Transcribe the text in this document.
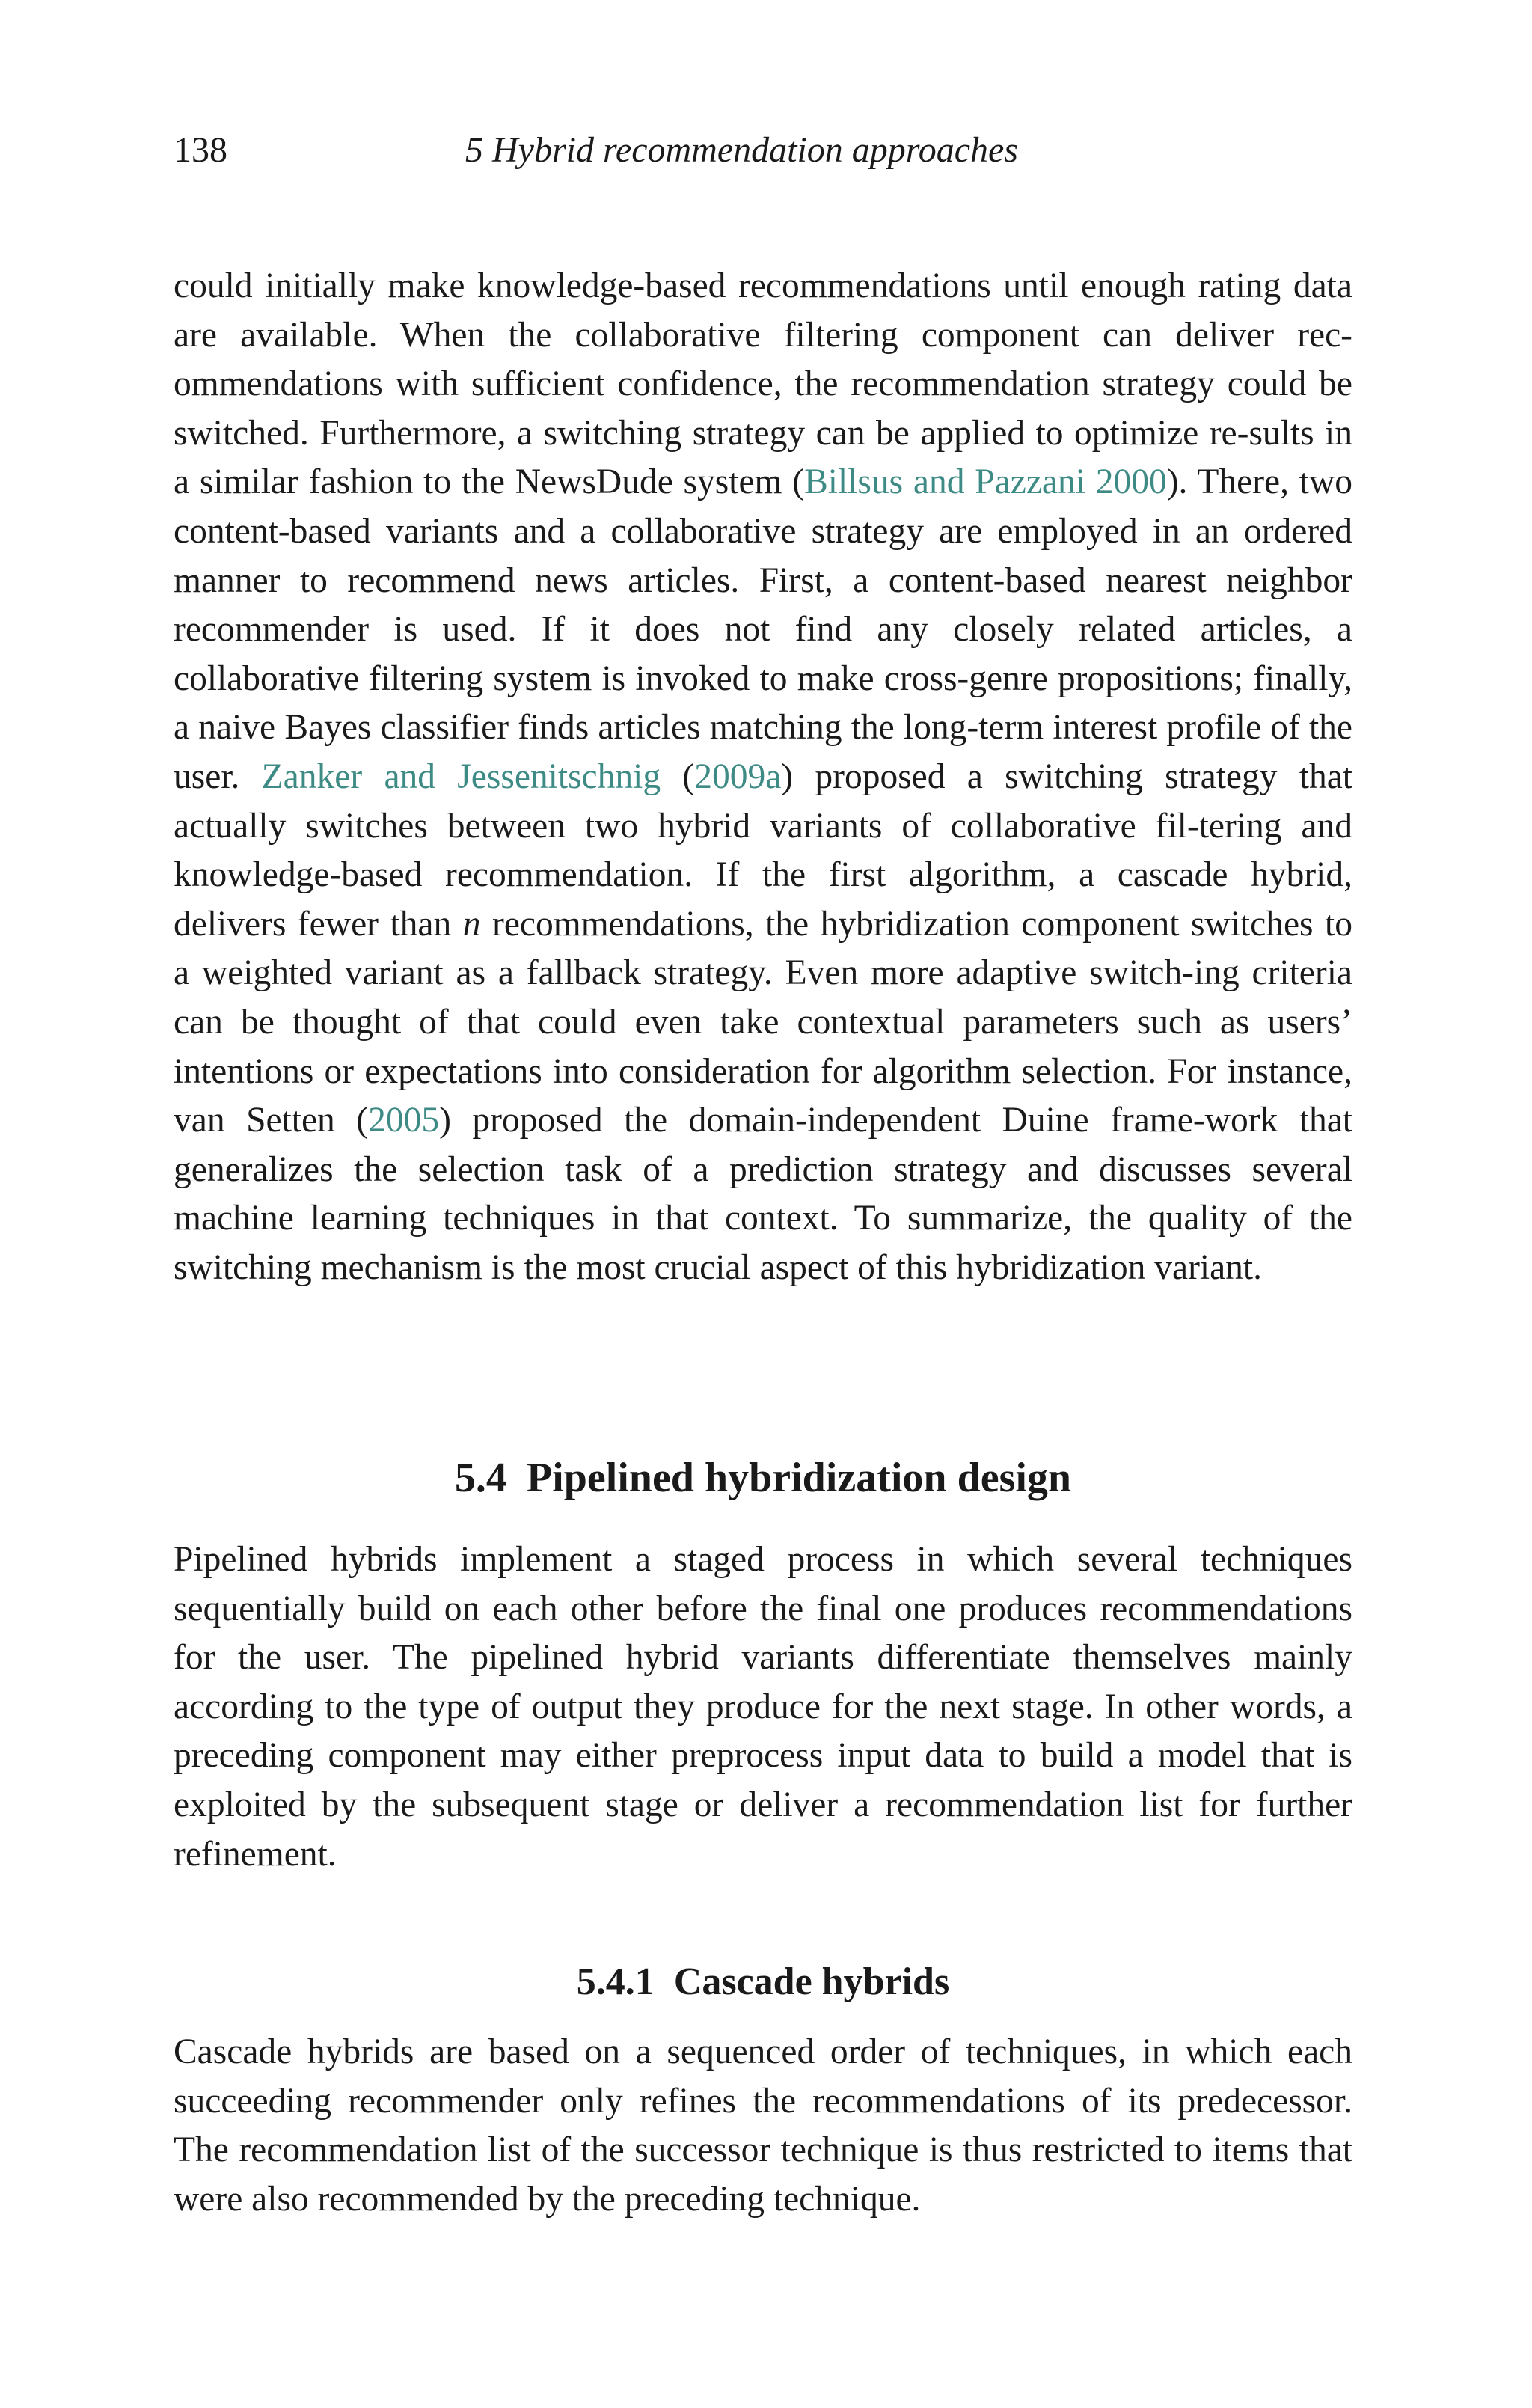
138	5 Hybrid recommendation approaches

could initially make knowledge-based recommendations until enough rating data are available. When the collaborative filtering component can deliver rec-ommendations with sufficient confidence, the recommendation strategy could be switched. Furthermore, a switching strategy can be applied to optimize re-sults in a similar fashion to the NewsDude system (Billsus and Pazzani 2000). There, two content-based variants and a collaborative strategy are employed in an ordered manner to recommend news articles. First, a content-based nearest neighbor recommender is used. If it does not find any closely related articles, a collaborative filtering system is invoked to make cross-genre propositions; finally, a naive Bayes classifier finds articles matching the long-term interest profile of the user. Zanker and Jessenitschnig (2009a) proposed a switching strategy that actually switches between two hybrid variants of collaborative fil-tering and knowledge-based recommendation. If the first algorithm, a cascade hybrid, delivers fewer than n recommendations, the hybridization component switches to a weighted variant as a fallback strategy. Even more adaptive switch-ing criteria can be thought of that could even take contextual parameters such as users’ intentions or expectations into consideration for algorithm selection. For instance, van Setten (2005) proposed the domain-independent Duine frame-work that generalizes the selection task of a prediction strategy and discusses several machine learning techniques in that context. To summarize, the quality of the switching mechanism is the most crucial aspect of this hybridization variant.

5.4 Pipelined hybridization design

Pipelined hybrids implement a staged process in which several techniques sequentially build on each other before the final one produces recommendations for the user. The pipelined hybrid variants differentiate themselves mainly according to the type of output they produce for the next stage. In other words, a preceding component may either preprocess input data to build a model that is exploited by the subsequent stage or deliver a recommendation list for further refinement.

5.4.1 Cascade hybrids

Cascade hybrids are based on a sequenced order of techniques, in which each succeeding recommender only refines the recommendations of its predecessor. The recommendation list of the successor technique is thus restricted to items that were also recommended by the preceding technique.
